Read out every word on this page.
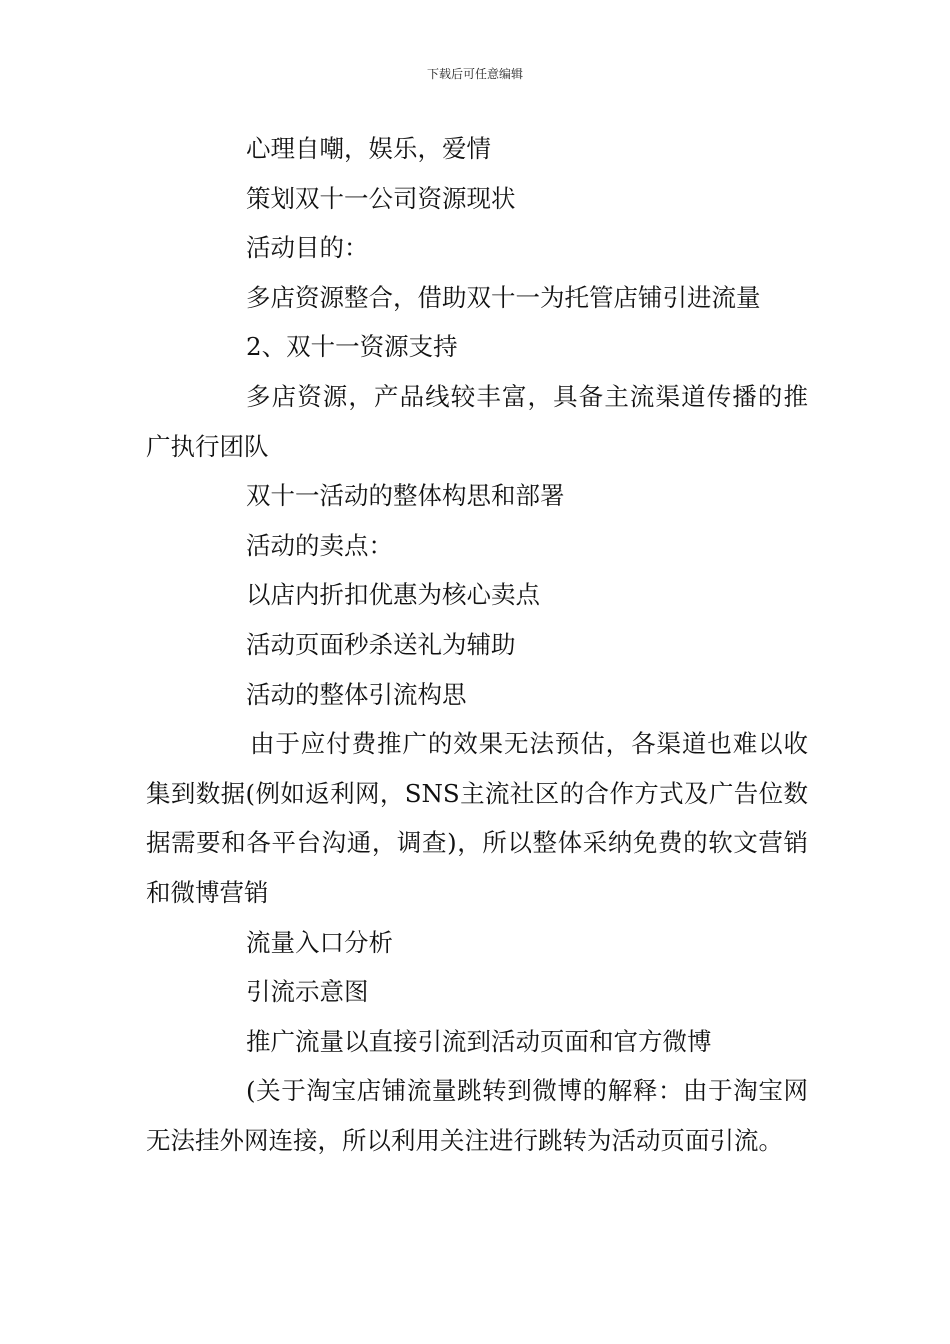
下载后可任意编辑

心理自嘲，娱乐，爱情

策划双十一公司资源现状

活动目的：

多店资源整合，借助双十一为托管店铺引进流量

2、双十一资源支持

多店资源，产品线较丰富，具备主流渠道传播的推广执行团队

双十一活动的整体构思和部署

活动的卖点：

以店内折扣优惠为核心卖点

活动页面秒杀送礼为辅助

活动的整体引流构思

由于应付费推广的效果无法预估，各渠道也难以收集到数据(例如返利网，SNS主流社区的合作方式及广告位数据需要和各平台沟通，调查)，所以整体采纳免费的软文营销和微博营销

流量入口分析

引流示意图

推广流量以直接引流到活动页面和官方微博

(关于淘宝店铺流量跳转到微博的解释：由于淘宝网无法挂外网连接，所以利用关注进行跳转为活动页面引流。
